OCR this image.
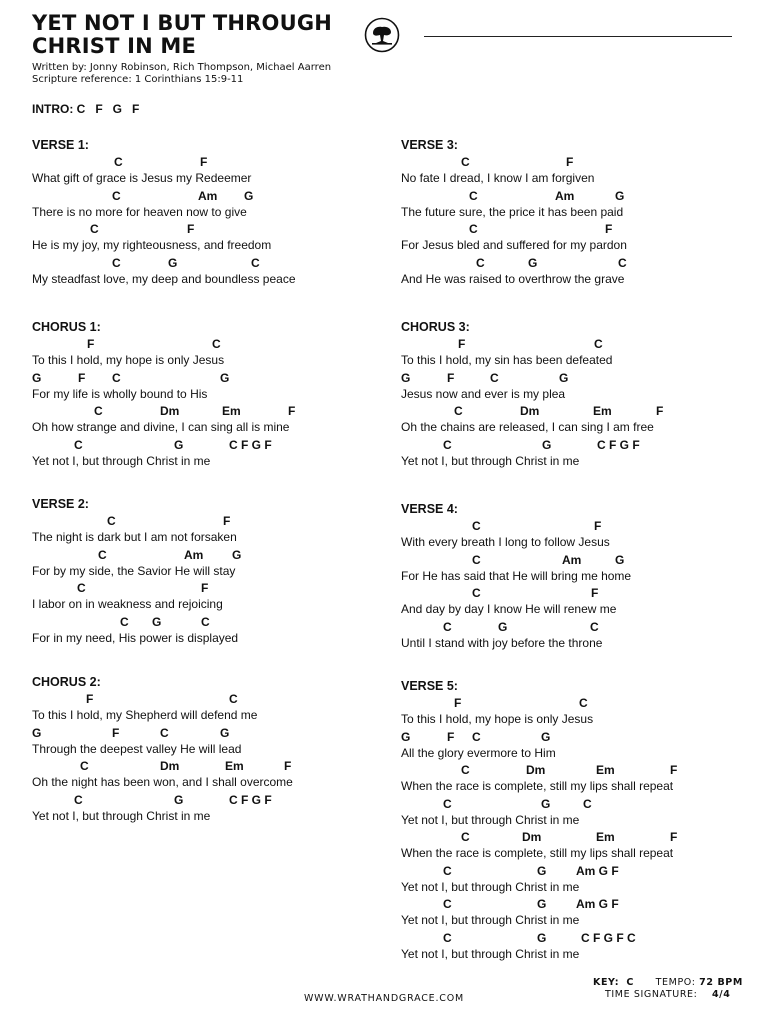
YET NOT I BUT THROUGH
CHRIST IN ME
Written by: Jonny Robinson, Rich Thompson, Michael Aarren
Scripture reference: 1 Corinthians 15:9-11
INTRO: C   F   G   F
VERSE 1:
C	F
What gift of grace is Jesus my Redeemer
C	Am G
There is no more for heaven now to give
C	F
He is my joy, my righteousness, and freedom
C	G	C
My steadfast love, my deep and boundless peace
CHORUS 1:
F	C
To this I hold, my hope is only Jesus
G	F C	G
For my life is wholly bound to His
C	Dm	Em	F
Oh how strange and divine, I can sing all is mine
C	G	C F G F
Yet not I, but through Christ in me
VERSE 2:
C	F
The night is dark but I am not forsaken
C	Am G
For by my side, the Savior He will stay
C	F
I labor on in weakness and rejoicing
C G	C
For in my need, His power is displayed
CHORUS 2:
F	C
To this I hold, my Shepherd will defend me
G	F	C	G
Through the deepest valley He will lead
C	Dm	Em	F
Oh the night has been won, and I shall overcome
C	G	C F G F
Yet not I, but through Christ in me
VERSE 3:
C	F
No fate I dread, I know I am forgiven
C	Am	G
The future sure, the price it has been paid
C	F
For Jesus bled and suffered for my pardon
C	G	C
And He was raised to overthrow the grave
CHORUS 3:
F	C
To this I hold, my sin has been defeated
G	F	C	G
Jesus now and ever is my plea
C	Dm	Em	F
Oh the chains are released, I can sing I am free
C	G	C F G F
Yet not I, but through Christ in me
VERSE 4:
C	F
With every breath I long to follow Jesus
C	Am	G
For He has said that He will bring me home
C	F
And day by day I know He will renew me
C	G	C
Until I stand with joy before the throne
VERSE 5:
F	C
To this I hold, my hope is only Jesus
G	F C	G
All the glory evermore to Him
C	Dm	Em	F
When the race is complete, still my lips shall repeat
C	G	C
Yet not I, but through Christ in me
C	Dm	Em	F
When the race is complete, still my lips shall repeat
C	G Am G F
Yet not I, but through Christ in me
C	G Am G F
Yet not I, but through Christ in me
C	G	C F G F C
Yet not I, but through Christ in me
KEY: C TEMPO: 72 BPM
TIME SIGNATURE: 4/4
WWW.WRATHANDGRACE.COM
